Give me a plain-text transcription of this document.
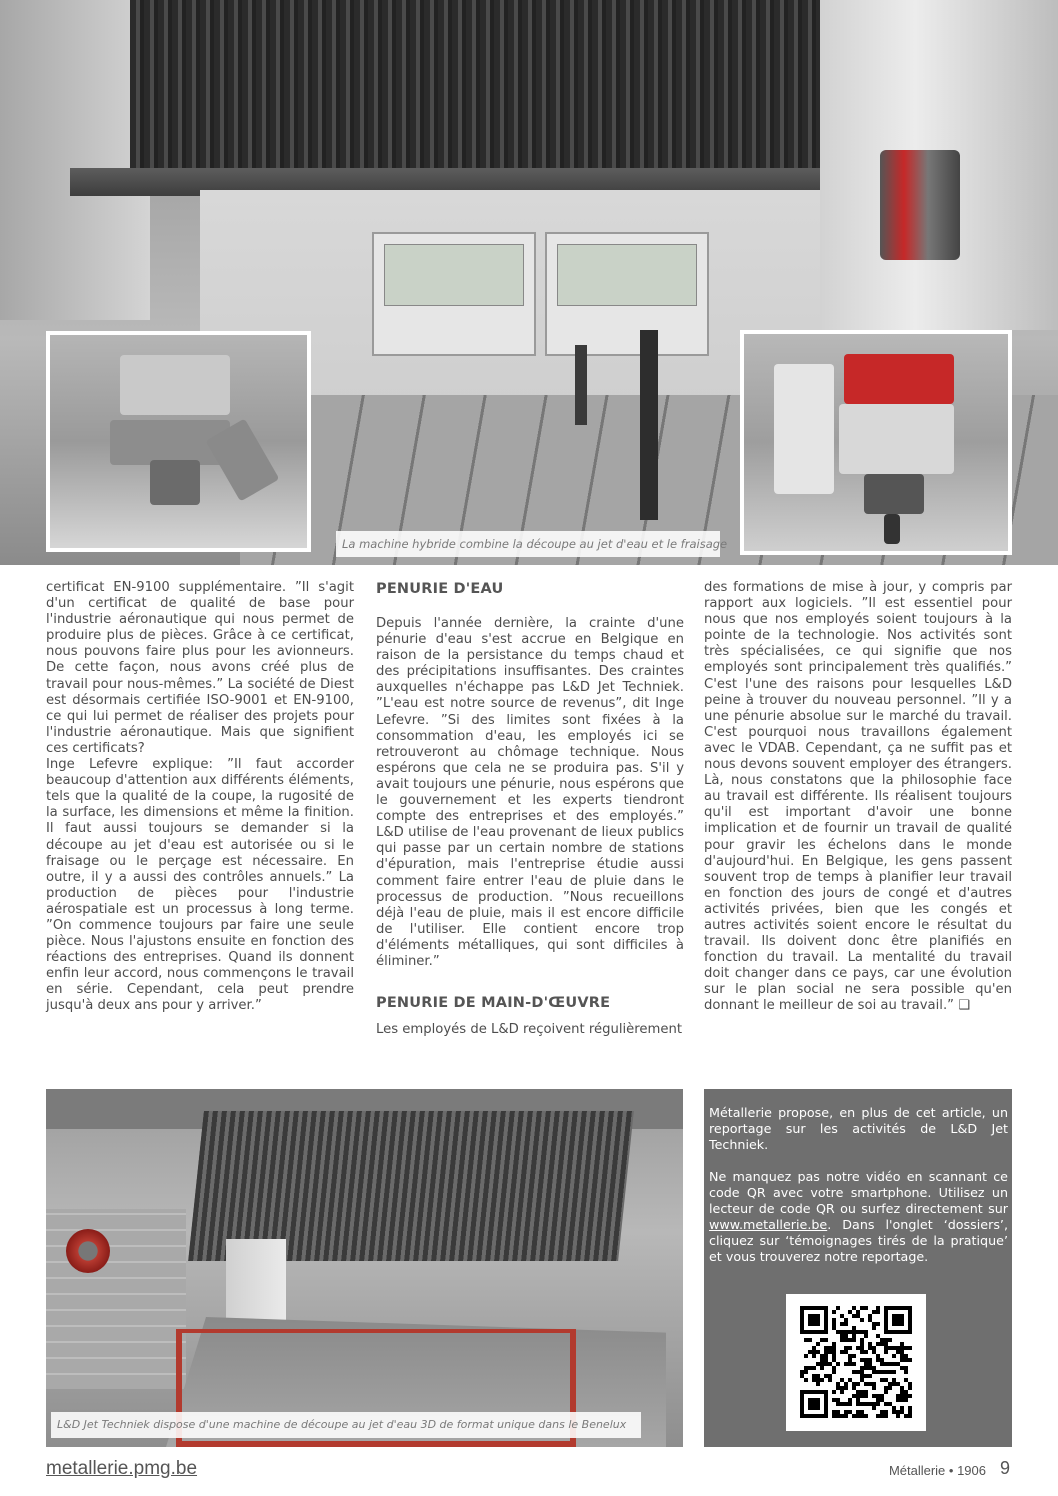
La machine hybride combine la découpe au jet d'eau et le fraisage

certificat EN-9100 supplémentaire. ”Il s'agit d'un certificat de qualité de base pour l'industrie aéronautique qui nous permet de produire plus de pièces. Grâce à ce certificat, nous pouvons faire plus pour les avionneurs. De cette façon, nous avons créé plus de travail pour nous-mêmes.” La société de Diest est désormais certifiée ISO-9001 et EN-9100, ce qui lui permet de réaliser des projets pour l'industrie aéronautique. Mais que signifient ces certificats?

Inge Lefevre explique: ”Il faut accorder beaucoup d'attention aux différents éléments, tels que la qualité de la coupe, la rugosité de la surface, les dimensions et même la finition. Il faut aussi toujours se demander si la découpe au jet d'eau est autorisée ou si le fraisage ou le perçage est nécessaire. En outre, il y a aussi des contrôles annuels.” La production de pièces pour l'industrie aérospatiale est un processus à long terme. ”On commence toujours par faire une seule pièce. Nous l'ajustons ensuite en fonction des réactions des entreprises. Quand ils donnent enfin leur accord, nous commençons le travail en série. Cependant, cela peut prendre jusqu'à deux ans pour y arriver.”

PENURIE D'EAU

Depuis l'année dernière, la crainte d'une pénurie d'eau s'est accrue en Belgique en raison de la persistance du temps chaud et des précipitations insuffisantes. Des craintes auxquelles n'échappe pas L&D Jet Techniek. ”L'eau est notre source de revenus”, dit Inge Lefevre. ”Si des limites sont fixées à la consommation d'eau, les employés ici se retrouveront au chômage technique. Nous espérons que cela ne se produira pas. S'il y avait toujours une pénurie, nous espérons que le gouvernement et les experts tiendront compte des entreprises et des employés.” L&D utilise de l'eau provenant de lieux publics qui passe par un certain nombre de stations d'épuration, mais l'entreprise étudie aussi comment faire entrer l'eau de pluie dans le processus de production. ”Nous recueillons déjà l'eau de pluie, mais il est encore difficile de l'utiliser. Elle contient encore trop d'éléments métalliques, qui sont difficiles à éliminer.”

PENURIE DE MAIN-D'ŒUVRE

Les employés de L&D reçoivent régulièrement

des formations de mise à jour, y compris par rapport aux logiciels. ”Il est essentiel pour nous que nos employés soient toujours à la pointe de la technologie. Nos activités sont très spécialisées, ce qui signifie que nos employés sont principalement très qualifiés.” C'est l'une des raisons pour lesquelles L&D peine à trouver du nouveau personnel. ”Il y a une pénurie absolue sur le marché du travail. C'est pourquoi nous travaillons également avec le VDAB. Cependant, ça ne suffit pas et nous devons souvent employer des étrangers. Là, nous constatons que la philosophie face au travail est différente. Ils réalisent toujours qu'il est important d'avoir une bonne implication et de fournir un travail de qualité pour gravir les échelons dans le monde d'aujourd'hui. En Belgique, les gens passent souvent trop de temps à planifier leur travail en fonction des jours de congé et d'autres activités privées, bien que les congés et autres activités soient encore le résultat du travail. Ils doivent donc être planifiés en fonction du travail. La mentalité du travail doit changer dans ce pays, car une évolution sur le plan social ne sera possible qu'en donnant le meilleur de soi au travail.” ❑

L&D Jet Techniek dispose d'une machine de découpe au jet d'eau 3D de format unique dans le Benelux

Métallerie propose, en plus de cet article, un reportage sur les activités de L&D Jet Techniek.

Ne manquez pas notre vidéo en scannant ce code QR avec votre smartphone. Utilisez un lecteur de code QR ou surfez directement sur www.metallerie.be. Dans l'onglet ‘dossiers’, cliquez sur ‘témoignages tirés de la pratique’ et vous trouverez notre reportage.

metallerie.pmg.be	Métallerie • 1906 9
